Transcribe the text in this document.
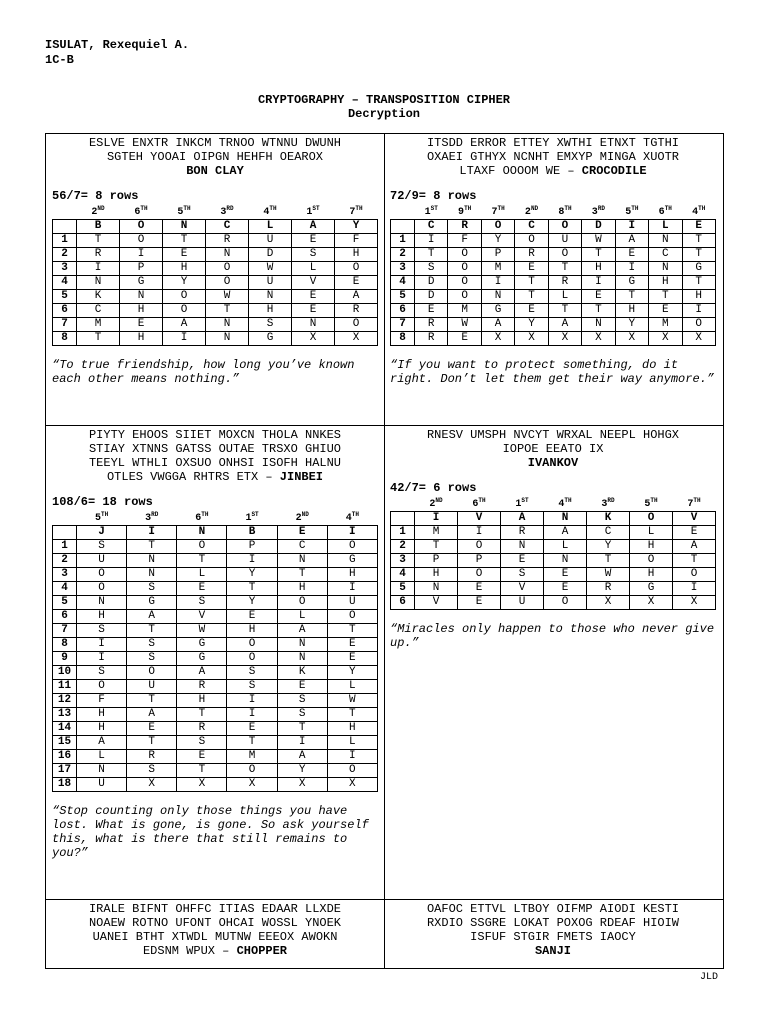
ISULAT, Rexequiel A.
1C-B
CRYPTOGRAPHY – TRANSPOSITION CIPHER
Decryption
ESLVE ENXTR INKCM TRNOO WTNNU DWUNH
SGTEH YOOAI OIPGN HEHFH OEAROX
BON CLAY
56/7= 8 rows
	2ND	6TH	5TH	3RD	4TH	1ST	7TH
	B	O	N	C	L	A	Y
1	T	O	T	R	U	E	F
2	R	I	E	N	D	S	H
3	I	P	H	O	W	L	O
4	N	G	Y	O	U	V	E
5	K	N	O	W	N	E	A
6	C	H	O	T	H	E	R
7	M	E	A	N	S	N	O
8	T	H	I	N	G	X	X
“To true friendship, how long you’ve known each other means nothing.”
ITSDD ERROR ETTEY XWTHI ETNXT TGTHI
OXAEI GTHYX NCNHT EMXYP MINGA XUOTR
LTAXF OOOOM WE – CROCODILE
72/9= 8 rows
	1ST	9TH	7TH	2ND	8TH	3RD	5TH	6TH	4TH
	C	R	O	C	O	D	I	L	E
1	I	F	Y	O	U	W	A	N	T
2	T	O	P	R	O	T	E	C	T
3	S	O	M	E	T	H	I	N	G
4	D	O	I	T	R	I	G	H	T
5	D	O	N	T	L	E	T	T	H
6	E	M	G	E	T	T	H	E	I
7	R	W	A	Y	A	N	Y	M	O
8	R	E	X	X	X	X	X	X	X
“If you want to protect something, do it right. Don’t let them get their way anymore.”
PIYTY EHOOS SIIET MOXCN THOLA NNKES
STIAY XTNNS GATSS OUTAE TRSXO GHIUO
TEEYL WTHLI OXSUO ONHSI ISOFH HALNU
OTLES VWGGA RHTRS ETX – JINBEI
108/6= 18 rows
	5TH	3RD	6TH	1ST	2ND	4TH
	J	I	N	B	E	I
1	S	T	O	P	C	O
2	U	N	T	I	N	G
3	O	N	L	Y	T	H
4	O	S	E	T	H	I
5	N	G	S	Y	O	U
6	H	A	V	E	L	O
7	S	T	W	H	A	T
8	I	S	G	O	N	E
9	I	S	G	O	N	E
10	S	O	A	S	K	Y
11	O	U	R	S	E	L
12	F	T	H	I	S	W
13	H	A	T	I	S	T
14	H	E	R	E	T	H
15	A	T	S	T	I	L
16	L	R	E	M	A	I
17	N	S	T	O	Y	O
18	U	X	X	X	X	X
“Stop counting only those things you have lost. What is gone, is gone. So ask yourself this, what is there that still remains to you?”
RNESV UMSPH NVCYT WRXAL NEEPL HOHGX
IOPOE EEATO IX
IVANKOV
42/7= 6 rows
	2ND	6TH	1ST	4TH	3RD	5TH	7TH
	I	V	A	N	K	O	V
1	M	I	R	A	C	L	E
2	T	O	N	L	Y	H	A
3	P	P	E	N	T	O	T
4	H	O	S	E	W	H	O
5	N	E	V	E	R	G	I
6	V	E	U	O	X	X	X
“Miracles only happen to those who never give up.”
IRALE BIFNT OHFFC ITIAS EDAAR LLXDE
NOAEW ROTNO UFONT OHCAI WOSSL YNOEK
UANEI BTHT XTWDL MUTNW EEEOX AWOKN
EDSNM WPUX – CHOPPER
OAFOC ETTVL LTBOY OIFMP AIODI KESTI
RXDIO SSGRE LOKAT POXOG RDEAF HIOIW
ISFUF STGIR FMETS IAOCY
SANJI
JLD
